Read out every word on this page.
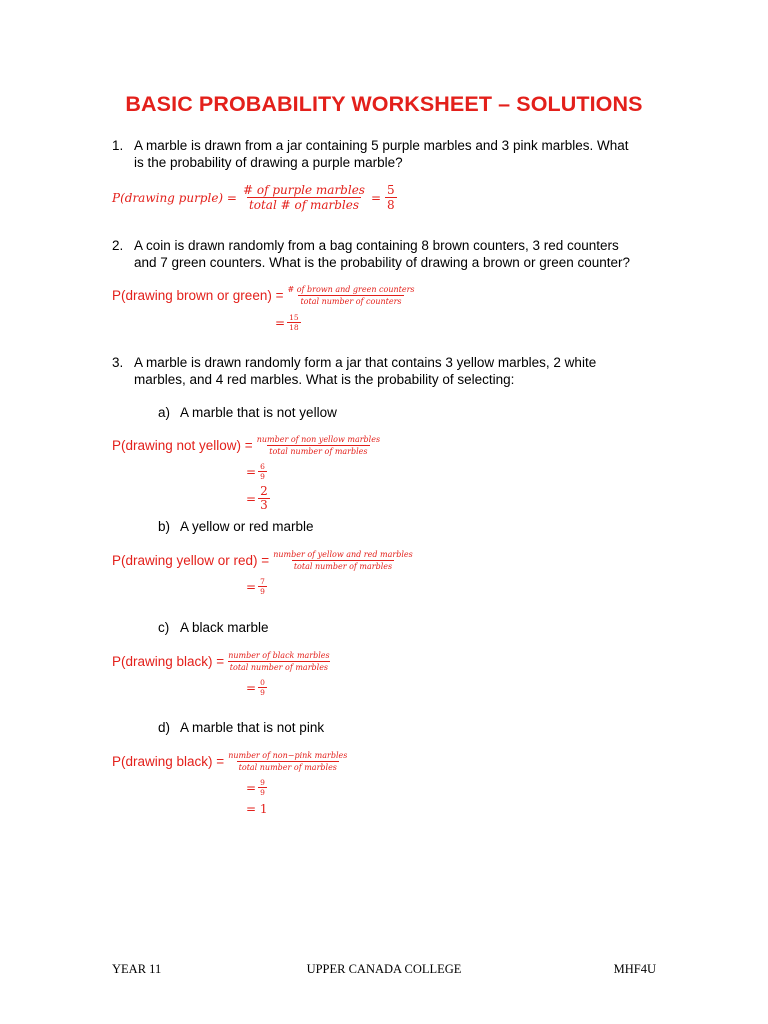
BASIC PROBABILITY WORKSHEET – SOLUTIONS
1. A marble is drawn from a jar containing 5 purple marbles and 3 pink marbles. What
is the probability of drawing a purple marble?
P(drawing purple) = $\frac{\text{\# of purple marbles}}{\text{total \# of marbles}} = \frac{5}{8}$
2. A coin is drawn randomly from a bag containing 8 brown counters, 3 red counters
and 7 green counters. What is the probability of drawing a brown or green counter?
P(drawing brown or green) = $\frac{\text{\# of brown and green counters}}{\text{total number of counters}}$
= $\frac{15}{18}$
3. A marble is drawn randomly form a jar that contains 3 yellow marbles, 2 white
marbles, and 4 red marbles. What is the probability of selecting:
a) A marble that is not yellow
P(drawing not yellow) = $\frac{\text{number of non yellow marbles}}{\text{total number of marbles}}$
= $\frac{6}{9}$
= $\frac{2}{3}$
b) A yellow or red marble
P(drawing yellow or $red) = \frac{\text{number of yellow and red marbles}}{\text{total number of marbles}}$
= $\frac{7}{9}$
c) A black marble
P(drawing black) = $\frac{\text{number of black marbles}}{\text{total number of marbles}}$
= $\frac{0}{9}$
d) A marble that is not pink
P(drawing black) = $\frac{\text{number of non−pink marbles}}{\text{total number of marbles}}$
= $\frac{9}{9}$
= 1
YEAR 11	UPPER CANADA COLLEGE	MHF4U
